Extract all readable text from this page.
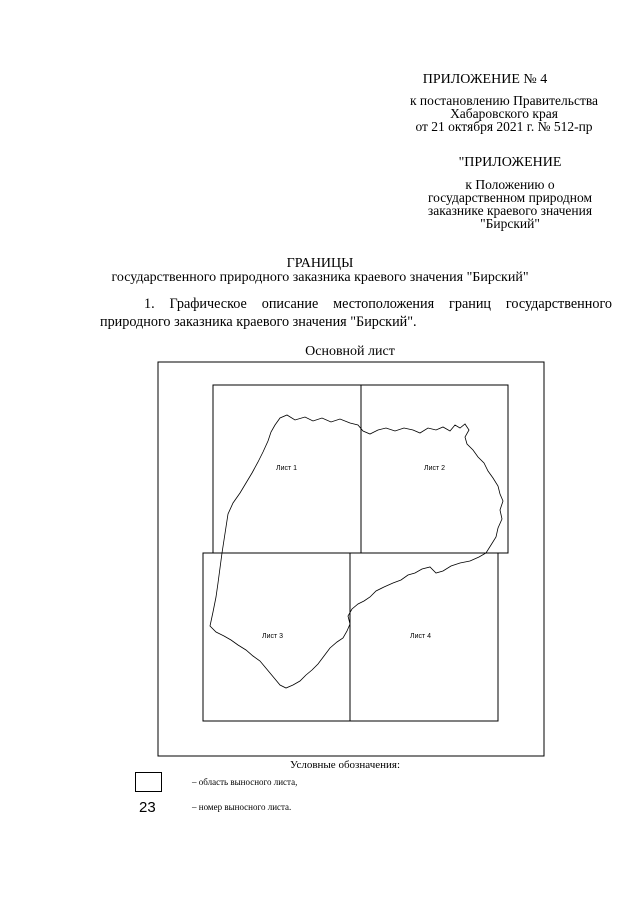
ПРИЛОЖЕНИЕ № 4
к постановлению Правительства
Хабаровского края
от 21 октября 2021 г. № 512-пр
"ПРИЛОЖЕНИЕ
к Положению о
государственном природном
заказнике краевого значения
"Бирский"
ГРАНИЦЫ
государственного природного заказника краевого значения "Бирский"
1. Графическое описание местоположения границ государственного
природного заказника краевого значения "Бирский".
Основной лист
Лист 1	Лист 2
Лист 3	Лист 4
Условные обозначения:
– область выносного листа,
23	– номер выносного листа.
